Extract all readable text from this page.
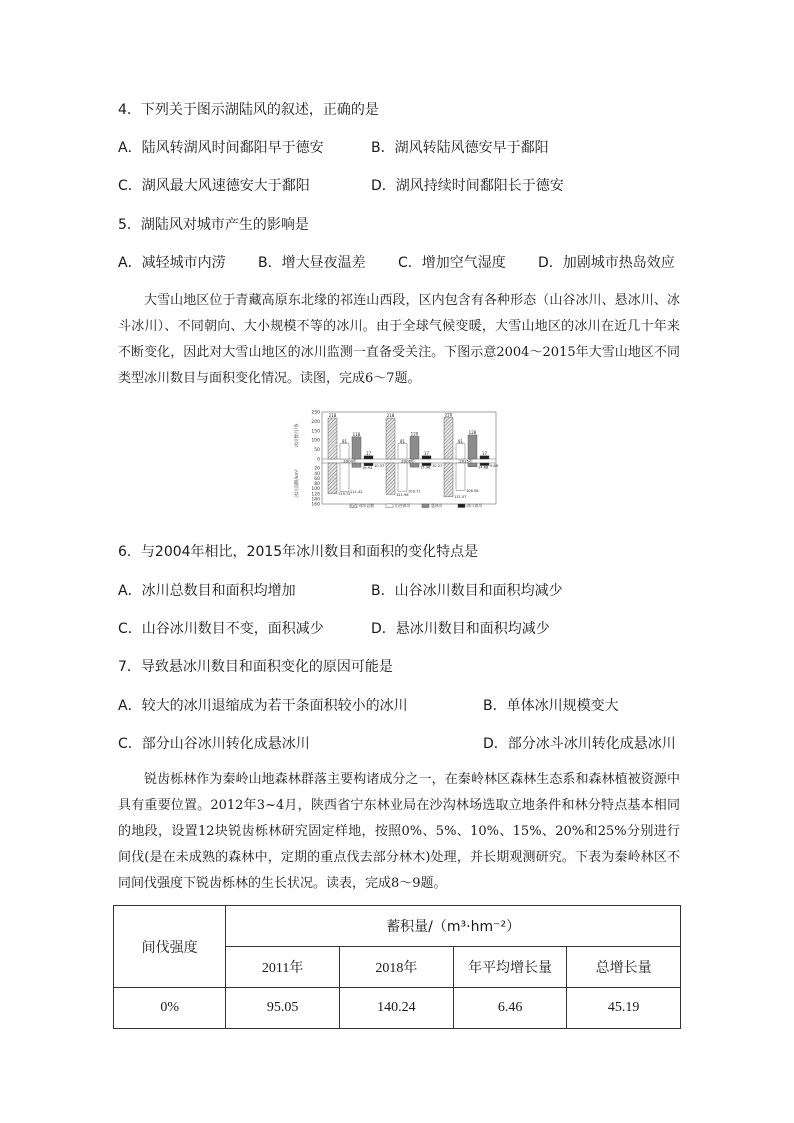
4．下列关于图示湖陆风的叙述，正确的是
A．陆风转湖风时间鄱阳早于德安	B．湖风转陆风德安早于鄱阳
C．湖风最大风速德安大于鄱阳	D．湖风持续时间鄱阳长于德安
5．湖陆风对城市产生的影响是
A．减轻城市内涝 B．增大昼夜温差 C．增加空气湿度 D．加剧城市热岛效应

大雪山地区位于青藏高原东北缘的祁连山西段，区内包含有各种形态（山谷冰川、悬冰川、冰斗冰川）、不同朝向、大小规模不等的冰川。由于全球气候变暖，大雪山地区的冰川在近几十年来不断变化，因此对大雪山地区的冰川监测一直备受关注。下图示意2004～2015年大雪山地区不同类型冰川数目与面积变化情况。读图，完成6～7题。

冰川数目/条
冰川面积/km²
0
50
100
150
200
250
20
40
60
80
100
120
140
160
218
119.72
81
111.42
118
16.93
17
10.57
2004年
218
121.96
81
109.71
120
15.98
17
10.27
2008年
220
131.07
81
106.58
128
14.88
17
9.89
2015年
冰川总数	山谷冰川	悬冰川	冰斗冰川
6．与2004年相比，2015年冰川数目和面积的变化特点是
A．冰川总数目和面积均增加	B．山谷冰川数目和面积均减少
C．山谷冰川数目不变，面积减少	D．悬冰川数目和面积均减少
7．导致悬冰川数目和面积变化的原因可能是
A．较大的冰川退缩成为若干条面积较小的冰川	B．单体冰川规模变大
C．部分山谷冰川转化成悬冰川	D．部分冰斗冰川转化成悬冰川

锐齿栎林作为秦岭山地森林群落主要构诸成分之一，在秦岭林区森林生态系和森林植被资源中具有重要位置。2012年3~4月，陕西省宁东林业局在沙沟林场选取立地条件和林分特点基本相同的地段，设置12块锐齿栎林研究固定样地，按照0%、5%、10%、15%、20%和25%分别进行间伐(是在未成熟的森林中，定期的重点伐去部分林木)处理，并长期观测研究。下表为秦岭林区不同间伐强度下锐齿栎林的生长状况。读表，完成8～9题。

间伐强度	蓄积量/（m³·hm⁻²）			
	2011年	2018年	年平均增长量	总增长量
0%	95.05	140.24	6.46	45.19
